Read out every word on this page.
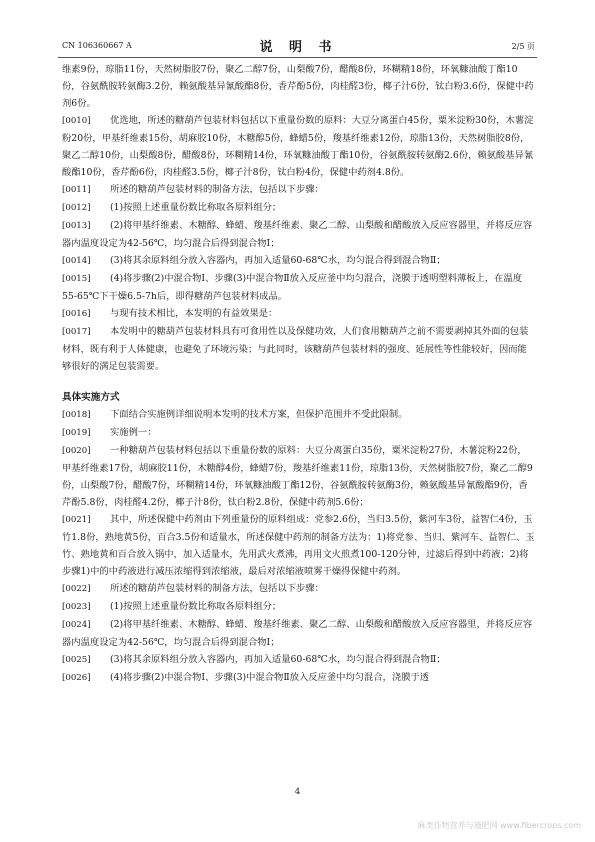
CN 106360667 A	说 明 书	2/5 页

维素9份，琼脂11份，天然树脂胶7份，聚乙二醇7份，山梨酸7份，醋酸8份，环糊精18份，环氧糠油酸丁酯10份，谷氨酰胺转氨酶3.2份，赖氨酸基异氰酸酯8份，香芹酚5份，肉桂醛3份，椰子汁6份，钛白粉3.6份，保健中药剂6份。

[0010] 优选地，所述的糖葫芦包装材料包括以下重量份数的原料：大豆分离蛋白45份，粟米淀粉30份，木薯淀粉20份，甲基纤维素15份，胡麻胶10份，木糖醇5份，蜂蜡5份，羧基纤维素12份，琼脂13份，天然树脂胶8份，聚乙二醇10份，山梨酸8份，醋酸8份，环糊精14份，环氧糠油酸丁酯10份，谷氨酰胺转氨酶2.6份，赖氨酸基异氰酸酯10份，香芹酚6份，肉桂醛3.5份，椰子汁8份，钛白粉4份，保健中药剂4.8份。

[0011] 所述的糖葫芦包装材料的制备方法，包括以下步骤：

[0012] (1)按照上述重量份数比称取各原料组分；

[0013] (2)将甲基纤维素、木糖醇、蜂蜡、羧基纤维素、聚乙二醇、山梨酸和醋酸放入反应容器里，并将反应容器内温度设定为42-56℃，均匀混合后得到混合物Ⅰ；

[0014] (3)将其余原料组分放入容器内，再加入适量60-68℃水，均匀混合得到混合物Ⅱ；

[0015] (4)将步骤(2)中混合物Ⅰ、步骤(3)中混合物Ⅱ放入反应釜中均匀混合，浇膜于透明塑料薄板上，在温度55-65℃下干燥6.5-7h后，即得糖葫芦包装材料成品。

[0016] 与现有技术相比，本发明的有益效果是：

[0017] 本发明中的糖葫芦包装材料具有可食用性以及保健功效，人们食用糖葫芦之前不需要剥掉其外面的包装材料，既有利于人体健康，也避免了环境污染；与此同时，该糖葫芦包装材料的强度、延展性等性能较好，因而能够很好的满足包装需要。

具体实施方式

[0018] 下面结合实施例详细说明本发明的技术方案，但保护范围并不受此限制。

[0019] 实施例一：

[0020] 一种糖葫芦包装材料包括以下重量份数的原料：大豆分离蛋白35份，粟米淀粉27份，木薯淀粉22份，甲基纤维素17份，胡麻胶11份，木糖醇4份，蜂蜡7份，羧基纤维素11份，琼脂13份，天然树脂胶7份，聚乙二醇9份，山梨酸7份，醋酸7份，环糊精14份，环氧糠油酸丁酯12份，谷氨酰胺转氨酶3份，赖氨酸基异氰酸酯9份，香芹酚5.8份，肉桂醛4.2份，椰子汁8份，钛白粉2.8份，保健中药剂5.6份；

[0021] 其中，所述保健中药剂由下列重量份的原料组成：党参2.6份，当归3.5份，紫河车3份，益智仁4份，玉竹1.8份，熟地黄5份，百合3.5份和适量水，所述保健中药剂的制备方法为：1)将党参、当归、紫河车、益智仁、玉竹、熟地黄和百合放入锅中，加入适量水，先用武火煮沸，再用文火煎煮100-120分钟，过滤后得到中药液；2)将步骤1)中的中药液进行减压浓缩得到浓缩液，最后对浓缩液喷雾干燥得保健中药剂。

[0022] 所述的糖葫芦包装材料的制备方法，包括以下步骤：

[0023] (1)按照上述重量份数比称取各原料组分；

[0024] (2)将甲基纤维素、木糖醇、蜂蜡、羧基纤维素、聚乙二醇、山梨酸和醋酸放入反应容器里，并将反应容器内温度设定为42-56℃，均匀混合后得到混合物Ⅰ；

[0025] (3)将其余原料组分放入容器内，再加入适量60-68℃水，均匀混合得到混合物Ⅱ；

[0026] (4)将步骤(2)中混合物Ⅰ、步骤(3)中混合物Ⅱ放入反应釜中均匀混合，浇膜于透

4
麻类作物营养与施肥网 www.fibercrops.com
